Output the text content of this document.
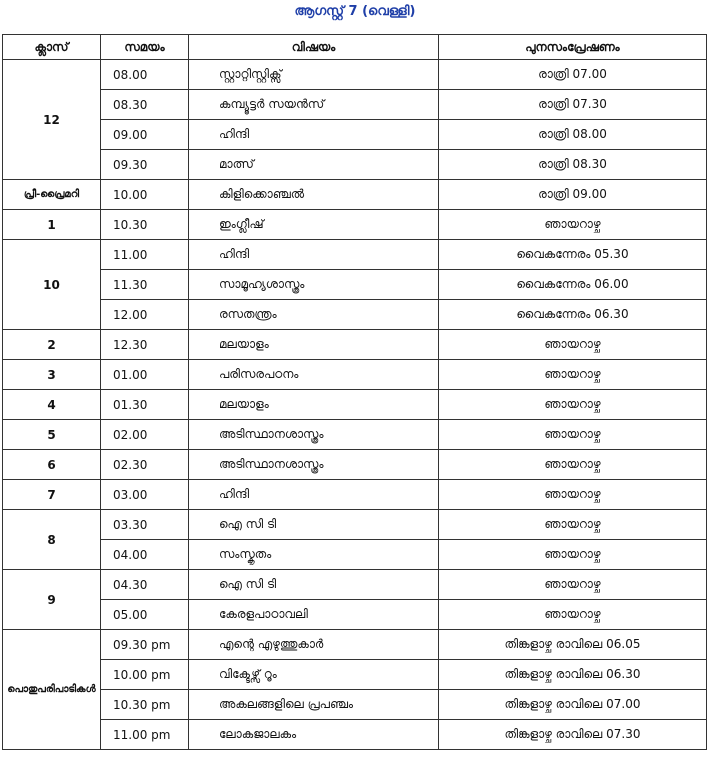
ആഗസ്റ്റ് 7 (വെള്ളി)
ക്ലാസ്	സമയം	വിഷയം	പുനസംപ്രേഷണം
12	08.00	സ്റ്റാറ്റിസ്റ്റിക്സ്	രാത്രി 07.00
	08.30	കമ്പ്യൂട്ടർ സയൻസ്	രാത്രി 07.30
	09.00	ഹിന്ദി	രാത്രി 08.00
	09.30	മാത്സ്	രാത്രി 08.30
പ്രീ-പ്രൈമറി	10.00	കിളിക്കൊഞ്ചൽ	രാത്രി 09.00
1	10.30	ഇംഗ്ലീഷ്	ഞായറാഴ്ച
10	11.00	ഹിന്ദി	വൈകന്നേരം 05.30
	11.30	സാമൂഹ്യശാസ്ത്രം	വൈകന്നേരം 06.00
	12.00	രസതന്ത്രം	വൈകന്നേരം 06.30
2	12.30	മലയാളം	ഞായറാഴ്ച
3	01.00	പരിസരപഠനം	ഞായറാഴ്ച
4	01.30	മലയാളം	ഞായറാഴ്ച
5	02.00	അടിസ്ഥാനശാസ്ത്രം	ഞായറാഴ്ച
6	02.30	അടിസ്ഥാനശാസ്ത്രം	ഞായറാഴ്ച
7	03.00	ഹിന്ദി	ഞായറാഴ്ച
8	03.30	ഐ സി ടി	ഞായറാഴ്ച
	04.00	സംസ്കൃതം	ഞായറാഴ്ച
9	04.30	ഐ സി ടി	ഞായറാഴ്ച
	05.00	കേരളപാഠാവലി	ഞായറാഴ്ച
പൊതുപരിപാടികൾ	09.30 pm	എന്റെ എഴുത്തുകാർ	തിങ്കളാഴ്ച രാവിലെ 06.05
	10.00 pm	വിക്ടേഴ്സ് റൂം	തിങ്കളാഴ്ച രാവിലെ 06.30
	10.30 pm	അകലങ്ങളിലെ പ്രപഞ്ചം	തിങ്കളാഴ്ച രാവിലെ 07.00
	11.00 pm	ലോകജാലകം	തിങ്കളാഴ്ച രാവിലെ 07.30
